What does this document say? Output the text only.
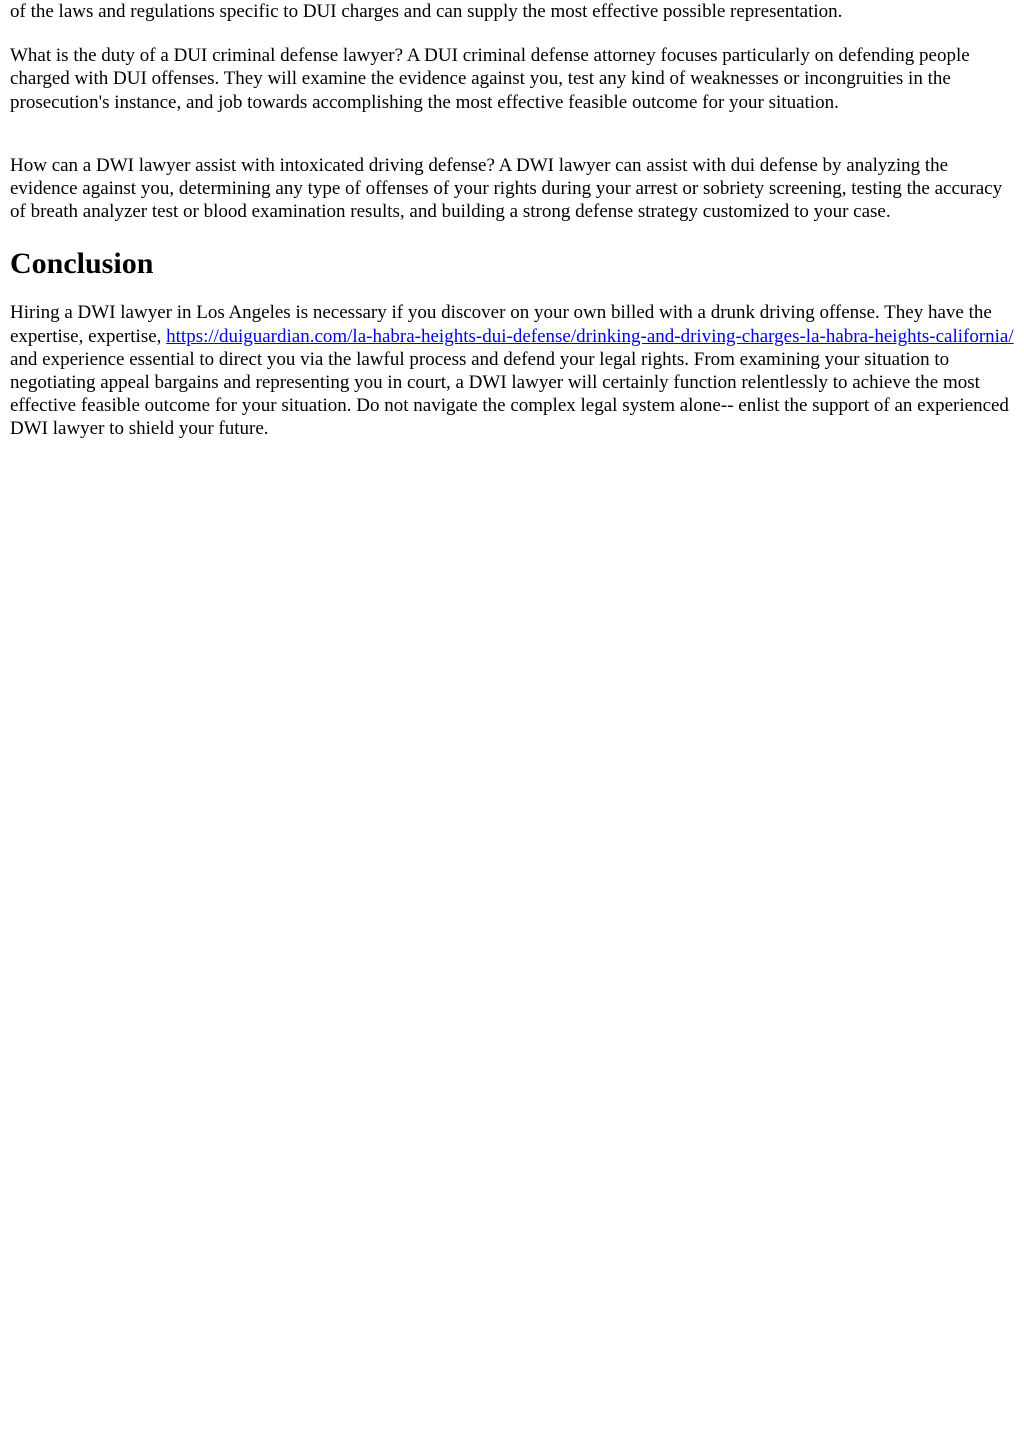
of the laws and regulations specific to DUI charges and can supply the most effective possible representation.

What is the duty of a DUI criminal defense lawyer? A DUI criminal defense attorney focuses particularly on defending people charged with DUI offenses. They will examine the evidence against you, test any kind of weaknesses or incongruities in the prosecution's instance, and job towards accomplishing the most effective feasible outcome for your situation.

How can a DWI lawyer assist with intoxicated driving defense? A DWI lawyer can assist with dui defense by analyzing the evidence against you, determining any type of offenses of your rights during your arrest or sobriety screening, testing the accuracy of breath analyzer test or blood examination results, and building a strong defense strategy customized to your case.

Conclusion

Hiring a DWI lawyer in Los Angeles is necessary if you discover on your own billed with a drunk driving offense. They have the expertise, expertise, https://duiguardian.com/la-habra-heights-dui-defense/drinking-and-driving-charges-la-habra-heights-california/ and experience essential to direct you via the lawful process and defend your legal rights. From examining your situation to negotiating appeal bargains and representing you in court, a DWI lawyer will certainly function relentlessly to achieve the most effective feasible outcome for your situation. Do not navigate the complex legal system alone-- enlist the support of an experienced DWI lawyer to shield your future.
